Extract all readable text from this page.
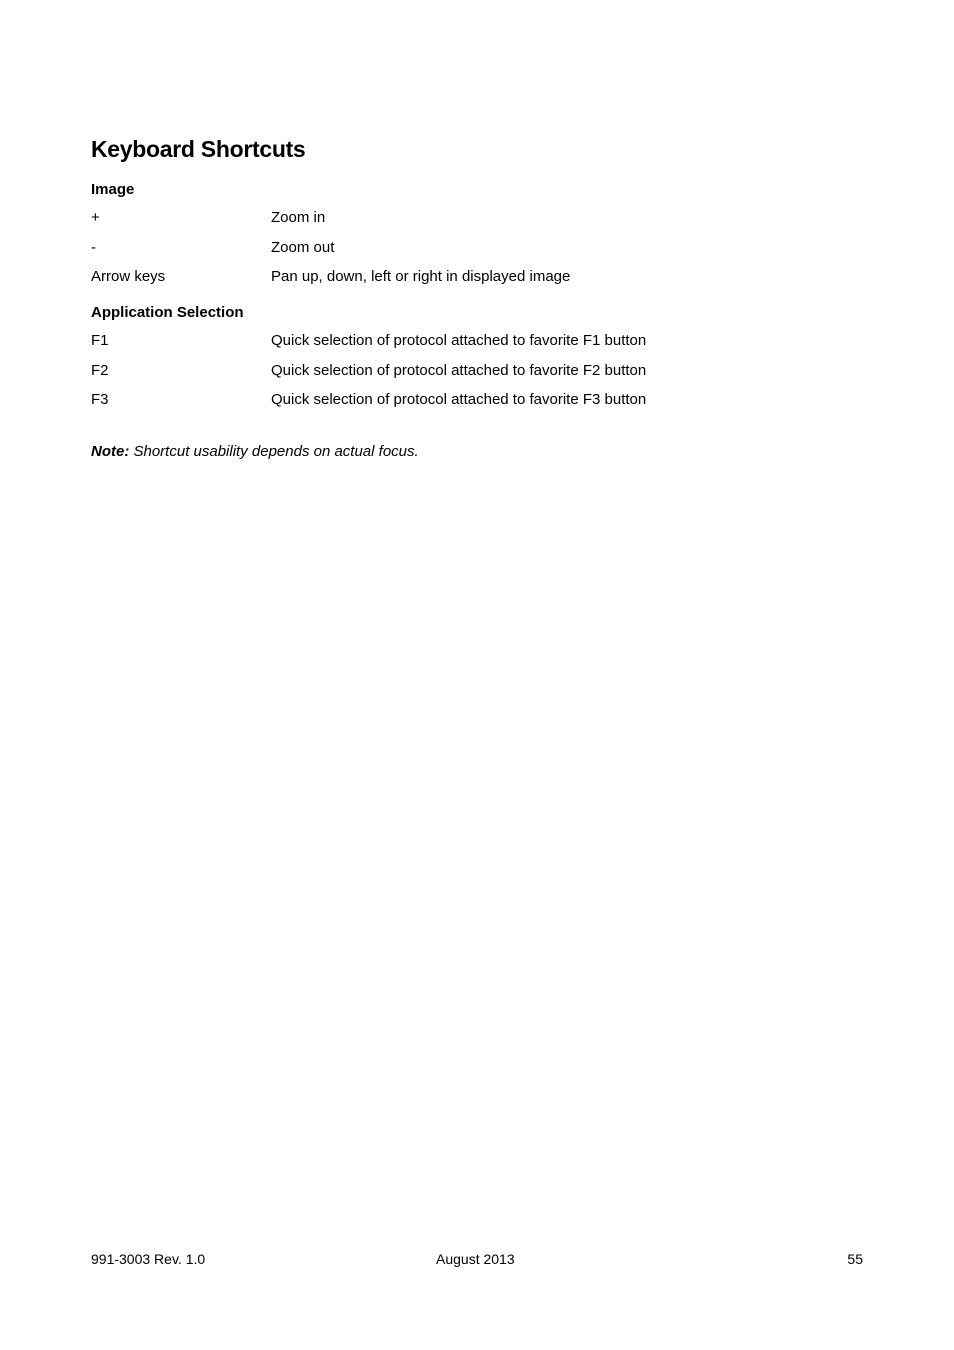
Keyboard Shortcuts
Image
+	Zoom in
-	Zoom out
Arrow keys	Pan up, down, left or right in displayed image
Application Selection
F1	Quick selection of protocol attached to favorite F1 button
F2	Quick selection of protocol attached to favorite F2 button
F3	Quick selection of protocol attached to favorite F3 button
Note: Shortcut usability depends on actual focus.
991-3003 Rev. 1.0	August 2013	55
